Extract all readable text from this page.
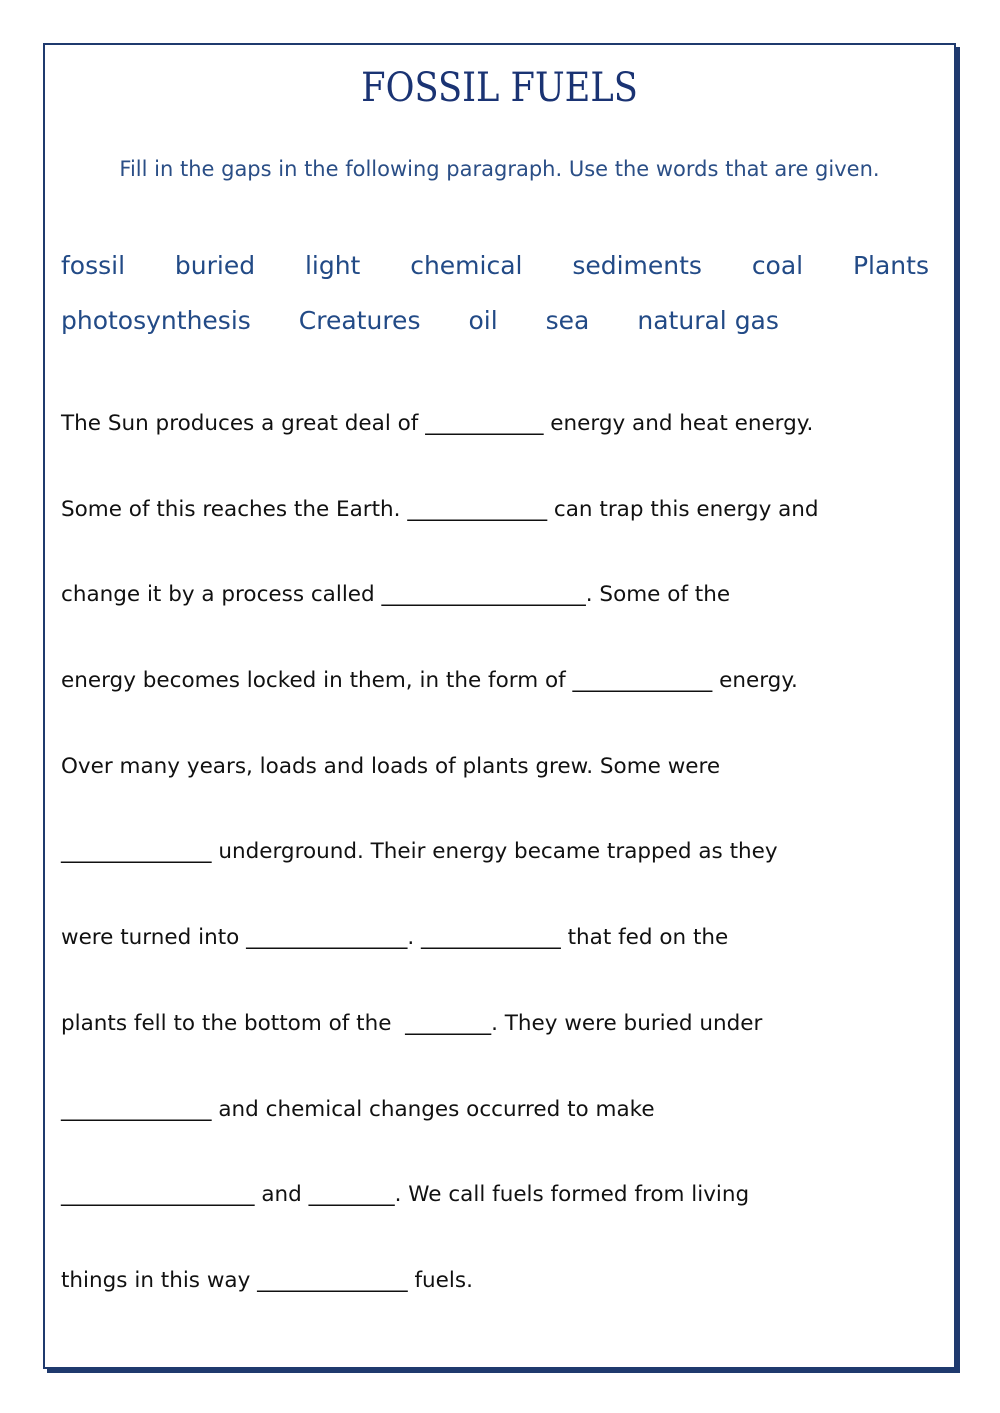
FOSSIL FUELS

Fill in the gaps in the following paragraph. Use the words that are given.

fossil buried light chemical sediments coal Plants
photosynthesis Creatures oil sea natural gas
The Sun produces a great deal of ___________ energy and heat energy.
Some of this reaches the Earth. _____________ can trap this energy and
change it by a process called ___________________. Some of the
energy becomes locked in them, in the form of _____________ energy.
Over many years, loads and loads of plants grew. Some were
______________ underground. Their energy became trapped as they
were turned into _______________. _____________ that fed on the
plants fell to the bottom of the  ________. They were buried under
______________ and chemical changes occurred to make
__________________ and ________. We call fuels formed from living
things in this way ______________ fuels.
